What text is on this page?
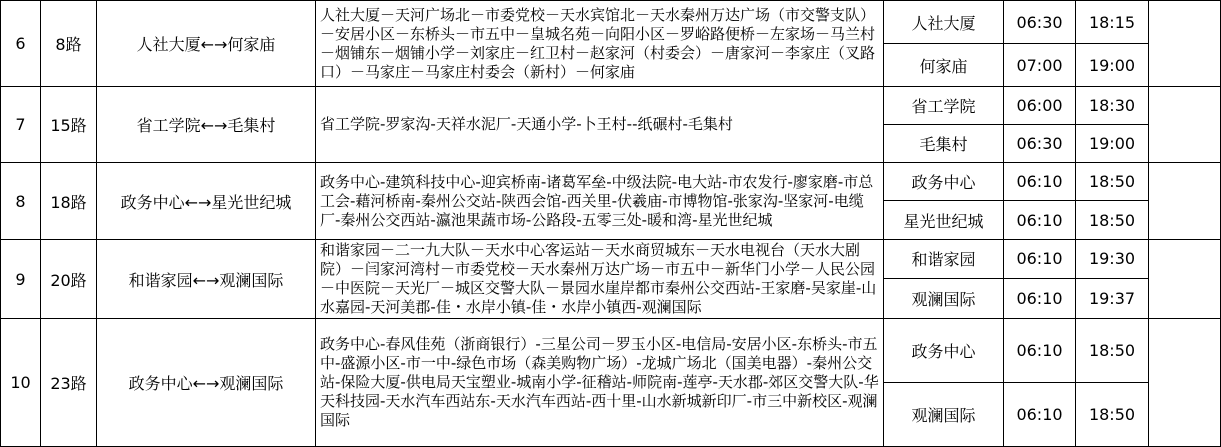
6	8路	人社大厦←→何家庙	人社大厦－天河广场北－市委党校－天水宾馆北－天水秦州万达广场（市交警支队）－安居小区－东桥头－市五中－皇城名苑－向阳小区－罗峪路便桥－左家场－马兰村－烟铺东－烟铺小学－刘家庄－红卫村－赵家河（村委会）－唐家河－李家庄（叉路口）－马家庄－马家庄村委会（新村）－何家庙	人社大厦	06:30	18:15	
				何家庙	07:00	19:00	
7	15路	省工学院←→毛集村	省工学院-罗家沟-天祥水泥厂-天通小学-卜王村--纸碾村-毛集村	省工学院	06:00	18:30	
				毛集村	06:30	19:00	
8	18路	政务中心←→星光世纪城	政务中心-建筑科技中心-迎宾桥南-诸葛军垒-中级法院-电大站-市农发行-廖家磨-市总工会-藉河桥南-秦州公交站-陕西会馆-西关里-伏羲庙-市博物馆-张家沟-坚家河-电缆厂-秦州公交西站-瀛池果蔬市场-公路段-五零三处-暖和湾-星光世纪城	政务中心	06:10	18:50	
				星光世纪城	06:10	18:50	
9	20路	和谐家园←→观澜国际	和谐家园－二一九大队－天水中心客运站－天水商贸城东－天水电视台（天水大剧院）－闫家河湾村－市委党校－天水秦州万达广场－市五中－新华门小学－人民公园－中医院－天光厂－城区交警大队－景园水崖岸都市秦州公交西站-王家磨-吴家崖-山水嘉园-天河美郡-佳・水岸小镇-佳・水岸小镇西-观澜国际	和谐家园	06:10	19:30	
				观澜国际	06:10	19:37	
10	23路	政务中心←→观澜国际	政务中心-春风佳苑（浙商银行）-三星公司－罗玉小区-电信局-安居小区-东桥头-市五中-盛源小区-市一中-绿色市场（森美购物广场）-龙城广场北（国美电器）-秦州公交站-保险大厦-供电局天宝塑业-城南小学-征稽站-师院南-莲亭-天水郡-郊区交警大队-华天科技园-天水汽车西站东-天水汽车西站-西十里-山水新城新印厂-市三中新校区-观澜国际	政务中心	06:10	18:50	
				观澜国际	06:10	18:50	
